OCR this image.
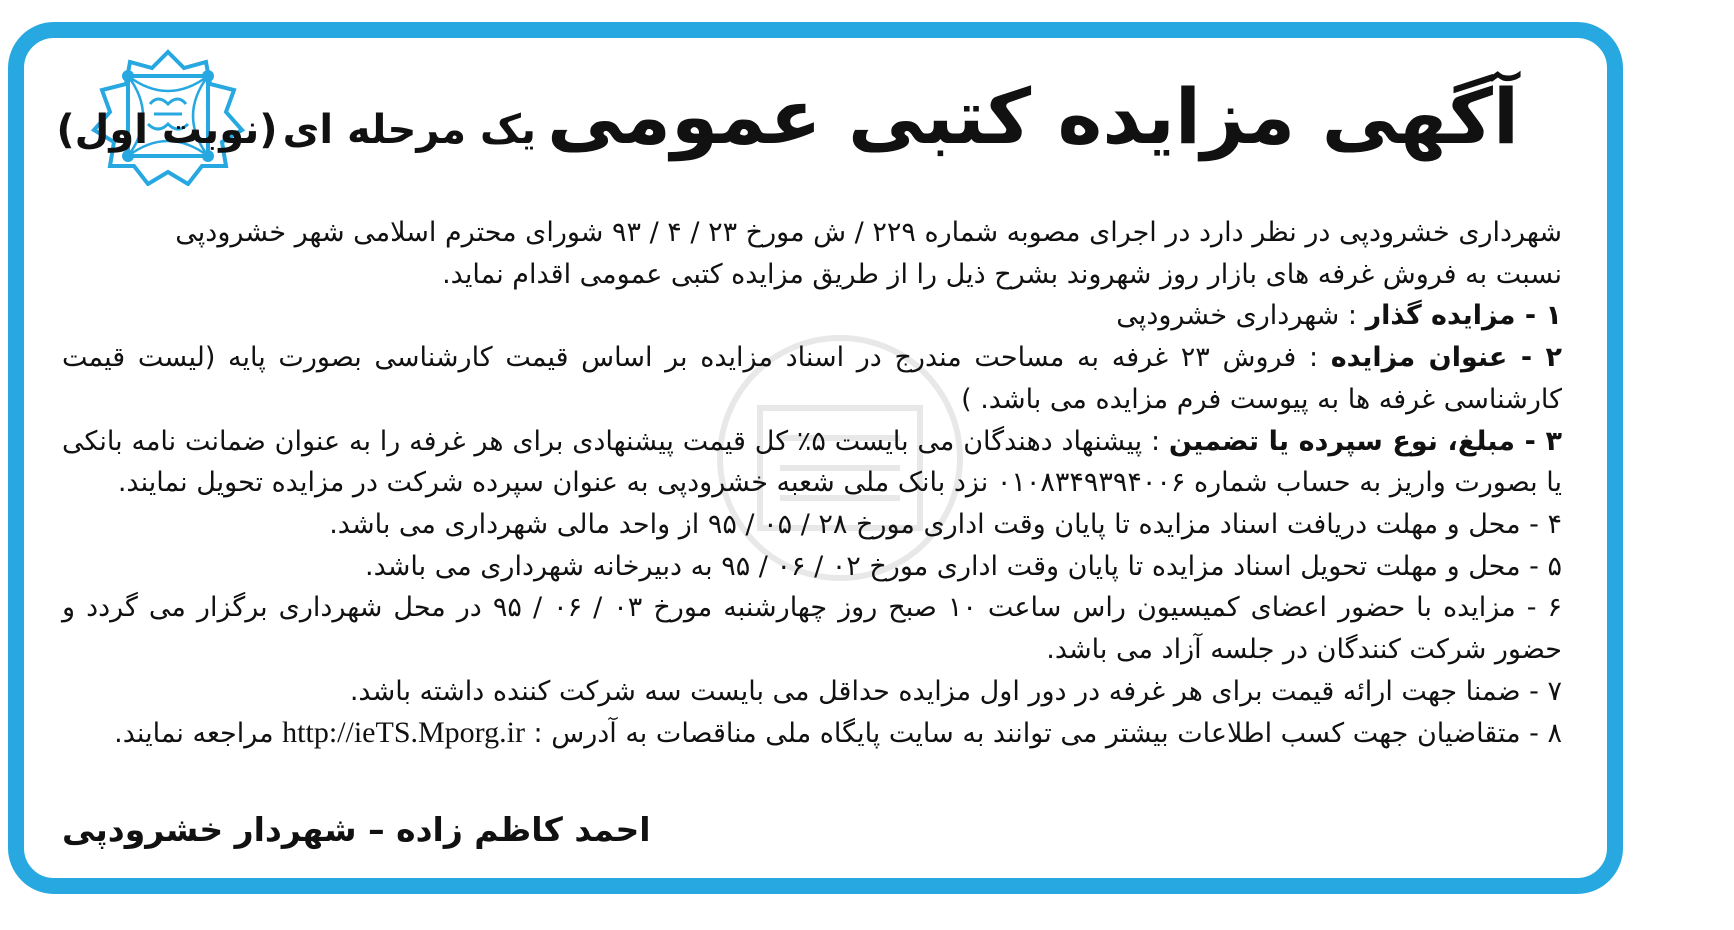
آگهی مزایده کتبی عمومی یک مرحله ای (نوبت اول)

شهرداری خشرودپی در نظر دارد در اجرای مصوبه شماره ۲۲۹ / ش مورخ ۲۳ / ۴ / ۹۳ شورای محترم اسلامی شهر خشرودپی

نسبت به فروش غرفه های بازار روز شهروند بشرح ذیل را از طریق مزایده کتبی عمومی اقدام نماید.

۱ - مزایده گذار : شهرداری خشرودپی

۲ - عنوان مزایده : فروش ۲۳ غرفه به مساحت مندرج در اسناد مزایده بر اساس قیمت کارشناسی بصورت پایه (لیست قیمت کارشناسی غرفه ها به پیوست فرم مزایده می باشد. )

۳ - مبلغ، نوع سپرده یا تضمین : پیشنهاد دهندگان می بایست ۵٪ کل قیمت پیشنهادی برای هر غرفه را به عنوان ضمانت نامه بانکی یا بصورت واریز به حساب شماره ۰۱۰۸۳۴۹۳۹۴۰۰۶ نزد بانک ملی شعبه خشرودپی به عنوان سپرده شرکت در مزایده تحویل نمایند.

۴ - محل و مهلت دریافت اسناد مزایده تا پایان وقت اداری مورخ ۲۸ / ۰۵ / ۹۵ از واحد مالی شهرداری می باشد.

۵ - محل و مهلت تحویل اسناد مزایده تا پایان وقت اداری مورخ ۰۲ / ۰۶ / ۹۵ به دبیرخانه شهرداری می باشد.

۶ - مزایده با حضور اعضای کمیسیون راس ساعت ۱۰ صبح روز چهارشنبه مورخ ۰۳ / ۰۶ / ۹۵ در محل شهرداری برگزار می گردد و حضور شرکت کنندگان در جلسه آزاد می باشد.

۷ - ضمنا جهت ارائه قیمت برای هر غرفه در دور اول مزایده حداقل می بایست سه شرکت کننده داشته باشد.

۸ - متقاضیان جهت کسب اطلاعات بیشتر می توانند به سایت پایگاه ملی مناقصات به آدرس : http://ieTS.Mporg.ir مراجعه نمایند.

احمد کاظم زاده – شهردار خشرودپی
